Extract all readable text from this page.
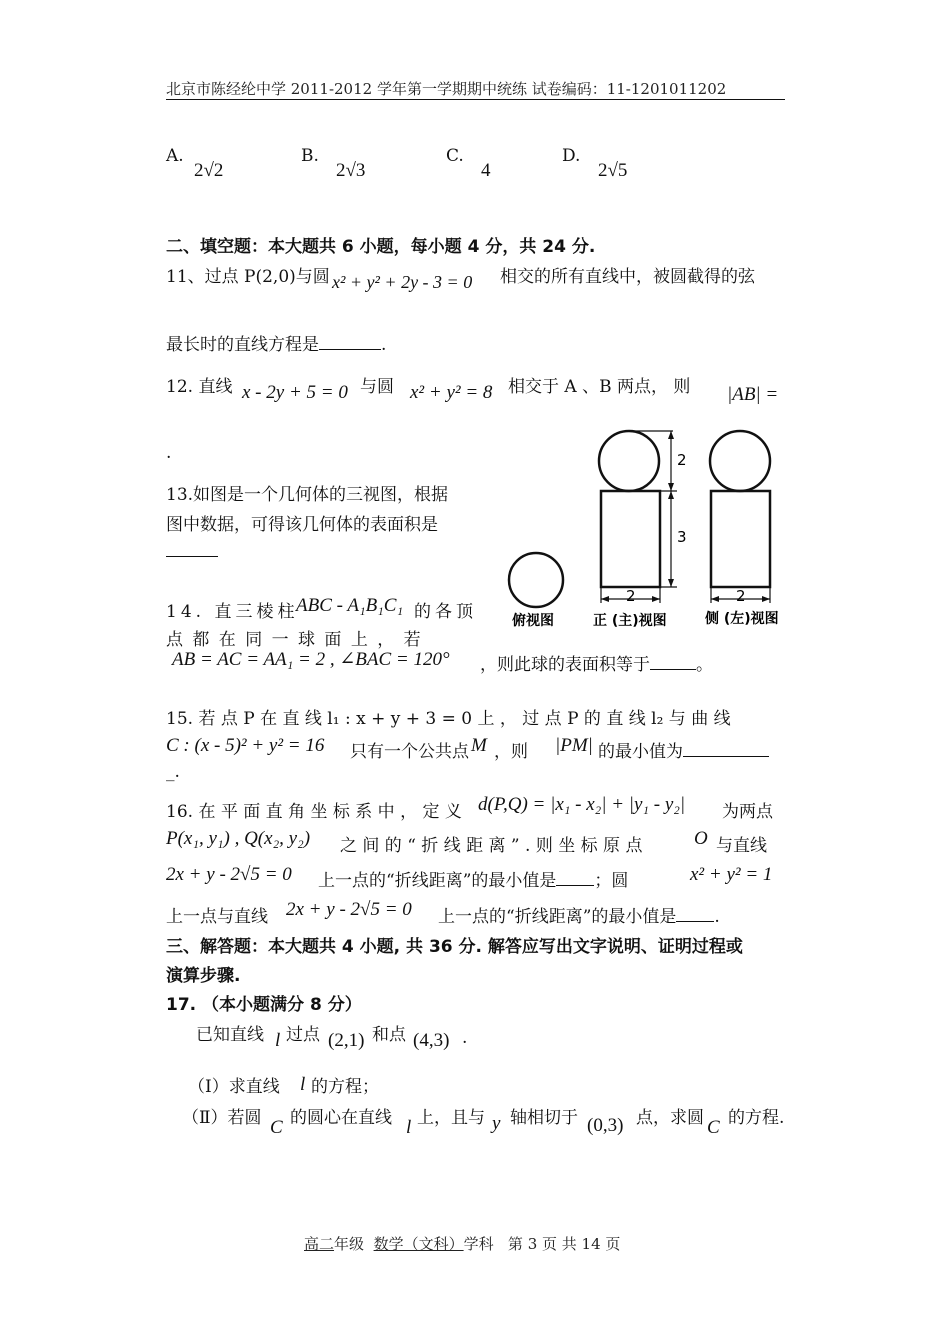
北京市陈经纶中学 2011-2012 学年第一学期期中统练 试卷编码：11-1201011202
A.
2√2
B.
2√3
C.
4
D.
2√5
二、填空题：本大题共 6 小题，每小题 4 分，共 24 分.
11、过点 P(2,0)与圆 x² + y² + 2y - 3 = 0 相交的所有直线中，被圆截得的弦
最长时的直线方程是	.
12. 直线 x - 2y + 5 = 0 与圆 x² + y² = 8 相交于 A 、B 两点， 则 |AB| =
.
13.如图是一个几何体的三视图，根据
图中数据，可得该几何体的表面积是
2
3
2
正 (主)视图
2
侧 (左)视图
俯视图
14. 直三棱柱
ABC - A₁B₁C₁ 的各顶
点 都 在 同 一 球 面 上 ， 若
AB = AC = AA₁ = 2 , ∠BAC = 120° ，则此球的表面积等于	。
15. 若 点 P 在 直 线 l₁ : x + y + 3 = 0 上 ， 过 点 P 的 直 线 l₂ 与 曲 线
C : (x - 5)² + y² = 16 只有一个公共点 M ，则 |PM| 的最小值为
_.
16. 在 平 面 直 角 坐 标 系 中 ， 定 义 d(P,Q) = |x₁ - x₂| + |y₁ - y₂| 为两点
P(x₁, y₁) , Q(x₂, y₂) 之 间 的 “ 折 线 距 离 ” . 则 坐 标 原 点	O 与直线
2x + y - 2√5 = 0 上一点的“折线距离”的最小值是 ；圆	x² + y² = 1
上一点与直线 2x + y - 2√5 = 0 上一点的“折线距离”的最小值是 .
三、解答题：本大题共 4 小题, 共 36 分. 解答应写出文字说明、证明过程或
演算步骤.
17. （本小题满分 8 分）
已知直线 l 过点 (2,1) 和点 (4,3) .
（Ⅰ）求直线 l 的方程；
（Ⅱ）若圆 C 的圆心在直线 l 上，且与 y 轴相切于 (0,3) 点，求圆 C 的方程.
高二年级 数学（文科）学科 第 3 页 共 14 页
